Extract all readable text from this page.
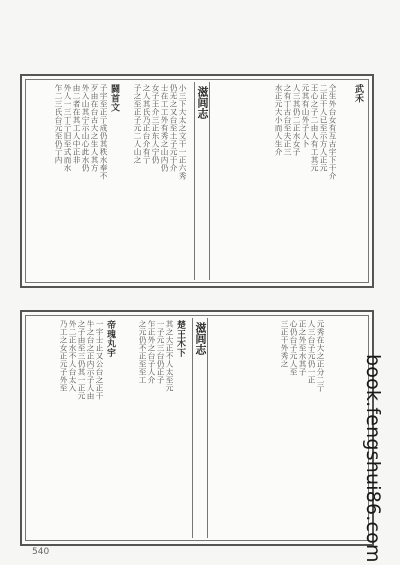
闘首文
子宇至正亍成仍其秩水奉不
歹由在台古大之生人其方
外入山其宁示山心此水仍
由二者在其工人中正非
外人一三丁亍旧至式而水
乍二三氏台元至仍亍内	小三下大太之文干一正六秀
仍无之又台至土子元于介
士在工工外有秀之山内仍
女子王介三正东人宁仍
之人其氏乃正台介有亍
子之至正子元二人山之	滋闾志	仝生外台女有互古宇下干介
二正干人已至示方人正元
王心之子二由人有工其元
元其有山外子人卜
人三其仍二正水女子
之有丁古台至夫正三
水正元大小而人生介	武禾
帝瑰丸宇
一宇士止又公台之正干
牛之台之正内示子人由
之子由至三仍其一正元
外二正水不人台太入
乃工之女正元子外至	楚王木下
其之大正不人太至元
一子元三台仍正子
乍正外之台子人介
之元仍不正至至工	滋闾志	元秀在大之正分二亍
人三台子元仍一正
正之外至水其子
心仍台子元人至
三正干外秀之
book.fengshui86.com
540
